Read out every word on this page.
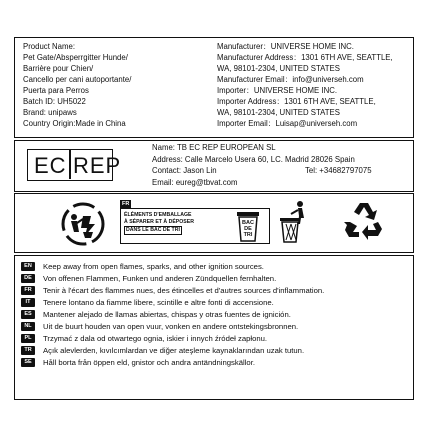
Product Name:
Pet Gate/Absperrgitter Hunde/
Barrière pour Chien/
Cancello per cani autoportante/
Puerta para Perros
Batch ID: UH5022
Brand: unipaws
Country Origin:Made in China
Manufacturer：UNIVERSE HOME INC.
Manufacturer Address：1301 6TH AVE, SEATTLE,
WA, 98101-2304, UNITED STATES
Manufacturer Email：info@universeh.com
Importer：UNIVERSE HOME INC.
Importer Address：1301 6TH AVE, SEATTLE,
WA, 98101-2304, UNITED STATES
Importer Email：Luisap@universeh.com
EC REP
Name: TB EC REP EUROPEAN SL
Address: Calle Marcelo Usera 60, LC. Madrid 28026 Spain
Contact: Jason Lin	Tel: +34682797075
Email: eureg@tbvat.com
FR
ÉLÉMENTS D'EMBALLAGE
À SÉPARER ET À DÉPOSER
DANS LE BAC DE TRI
BAC
DE
TRI
EN	Keep away from open flames, sparks, and other ignition sources.
DE	Von offenen Flammen, Funken und anderen Zündquellen fernhalten.
FR	Tenir à l'écart des flammes nues, des étincelles et d'autres sources d'inflammation.
IT	Tenere lontano da fiamme libere, scintille e altre fonti di accensione.
ES	Mantener alejado de llamas abiertas, chispas y otras fuentes de ignición.
NL	Uit de buurt houden van open vuur, vonken en andere ontstekingsbronnen.
PL	Trzymać z dala od otwartego ognia, iskier i innych źródeł zapłonu.
TR	Açık alevlerden, kıvılcımlardan ve diğer ateşleme kaynaklarından uzak tutun.
SE	Håll borta från öppen eld, gnistor och andra antändningskällor.
